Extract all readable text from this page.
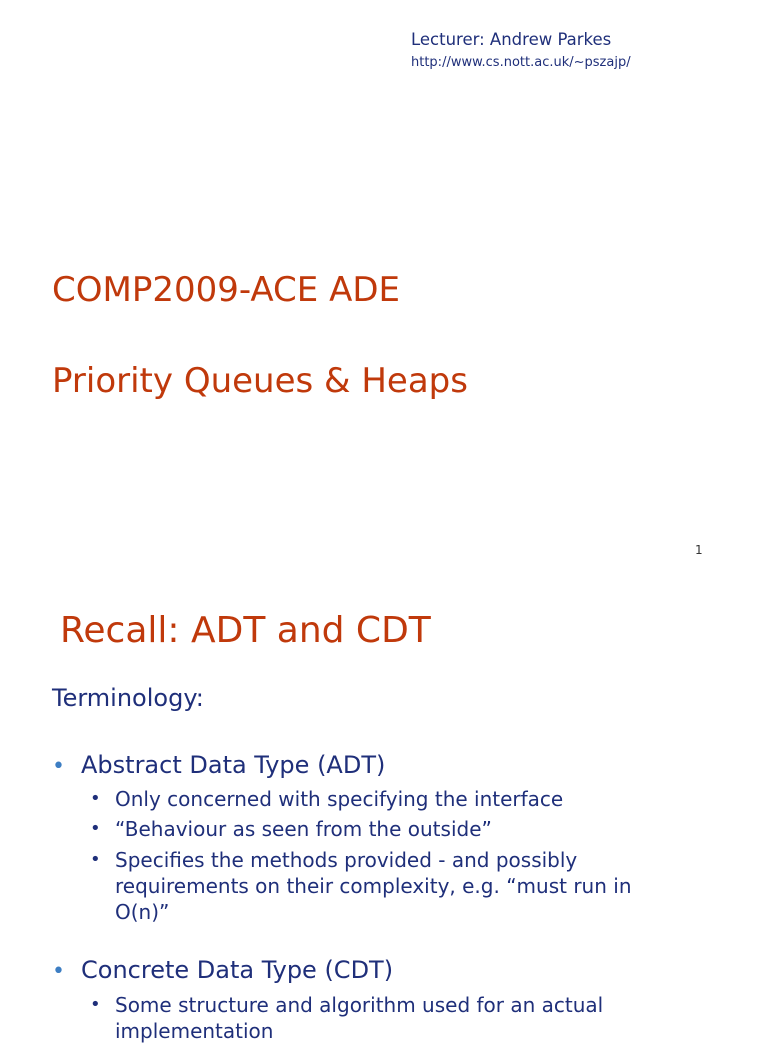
Lecturer: Andrew Parkes
http://www.cs.nott.ac.uk/~pszajp/
COMP2009-ACE ADE
Priority Queues & Heaps
1
Recall: ADT and CDT
Terminology:
• Abstract Data Type (ADT)
• Only concerned with specifying the interface
• “Behaviour as seen from the outside”
• Specifies the methods provided - and possibly requirements on their complexity, e.g. “must run in O(n)”
• Concrete Data Type (CDT)
• Some structure and algorithm used for an actual implementation
